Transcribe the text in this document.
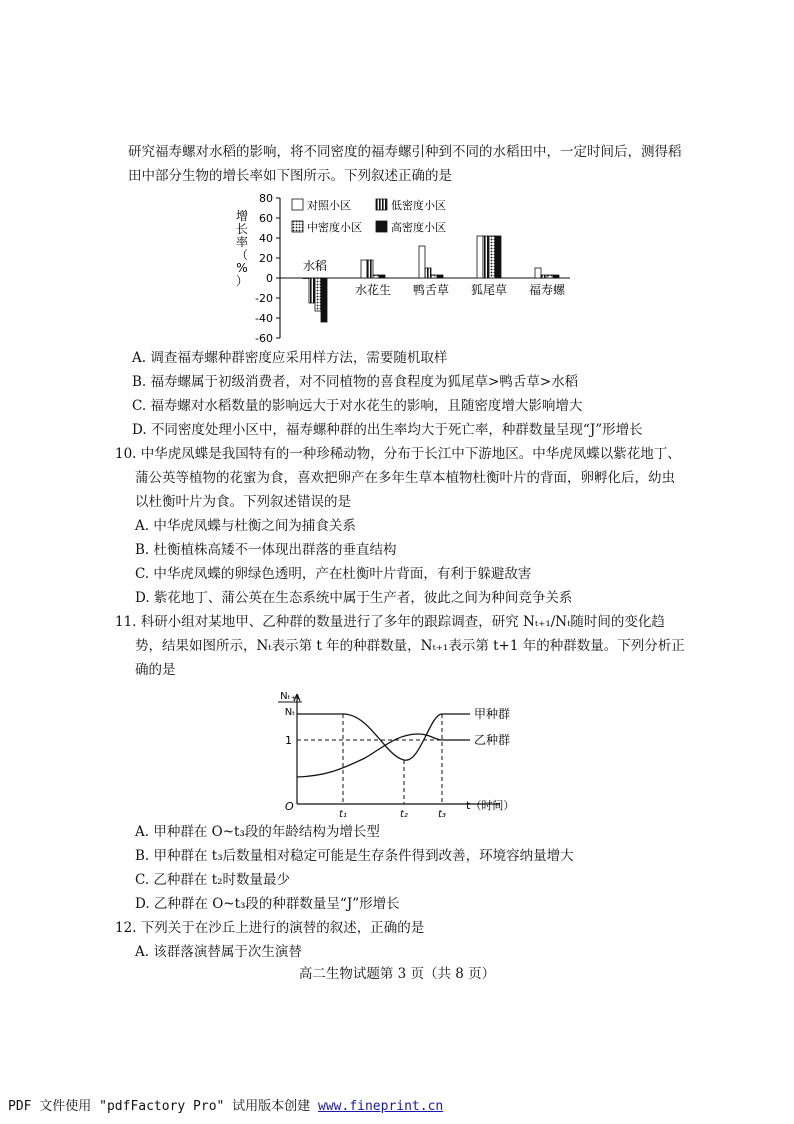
研究福寿螺对水稻的影响，将不同密度的福寿螺引种到不同的水稻田中，一定时间后，测得稻
田中部分生物的增长率如下图所示。下列叙述正确的是
80
60
40
20
0
-20
-40
-60
增
长
率
（
%
）
水稻
水花生 鸭舌草 狐尾草 福寿螺
对照小区	低密度小区
中密度小区	高密度小区
A. 调查福寿螺种群密度应采用样方法，需要随机取样
B. 福寿螺属于初级消费者，对不同植物的喜食程度为狐尾草>鸭舌草>水稻
C. 福寿螺对水稻数量的影响远大于对水花生的影响，且随密度增大影响增大
D. 不同密度处理小区中，福寿螺种群的出生率均大于死亡率，种群数量呈现“J”形增长
10. 中华虎凤蝶是我国特有的一种珍稀动物，分布于长江中下游地区。中华虎凤蝶以紫花地丁、
蒲公英等植物的花蜜为食，喜欢把卵产在多年生草本植物杜衡叶片的背面，卵孵化后，幼虫
以杜衡叶片为食。下列叙述错误的是
A. 中华虎凤蝶与杜衡之间为捕食关系
B. 杜衡植株高矮不一体现出群落的垂直结构
C. 中华虎凤蝶的卵绿色透明，产在杜衡叶片背面，有利于躲避敌害
D. 紫花地丁、蒲公英在生态系统中属于生产者，彼此之间为种间竞争关系
11. 科研小组对某地甲、乙种群的数量进行了多年的跟踪调查，研究 Nₜ₊₁/Nₜ随时间的变化趋
势，结果如图所示，Nₜ表示第 t 年的种群数量，Nₜ₊₁表示第 t+1 年的种群数量。下列分析正
确的是
Nₜ₊₁
Nₜ
O
1
t₁	t₂	t₃
t（时间）
甲种群
乙种群
A. 甲种群在 O~t₃段的年龄结构为增长型
B. 甲种群在 t₃后数量相对稳定可能是生存条件得到改善，环境容纳量增大
C. 乙种群在 t₂时数量最少
D. 乙种群在 O~t₃段的种群数量呈“J”形增长
12. 下列关于在沙丘上进行的演替的叙述，正确的是
A. 该群落演替属于次生演替
高二生物试题第 3 页（共 8 页）
PDF 文件使用 "pdfFactory Pro" 试用版本创建 www.fineprint.cn
